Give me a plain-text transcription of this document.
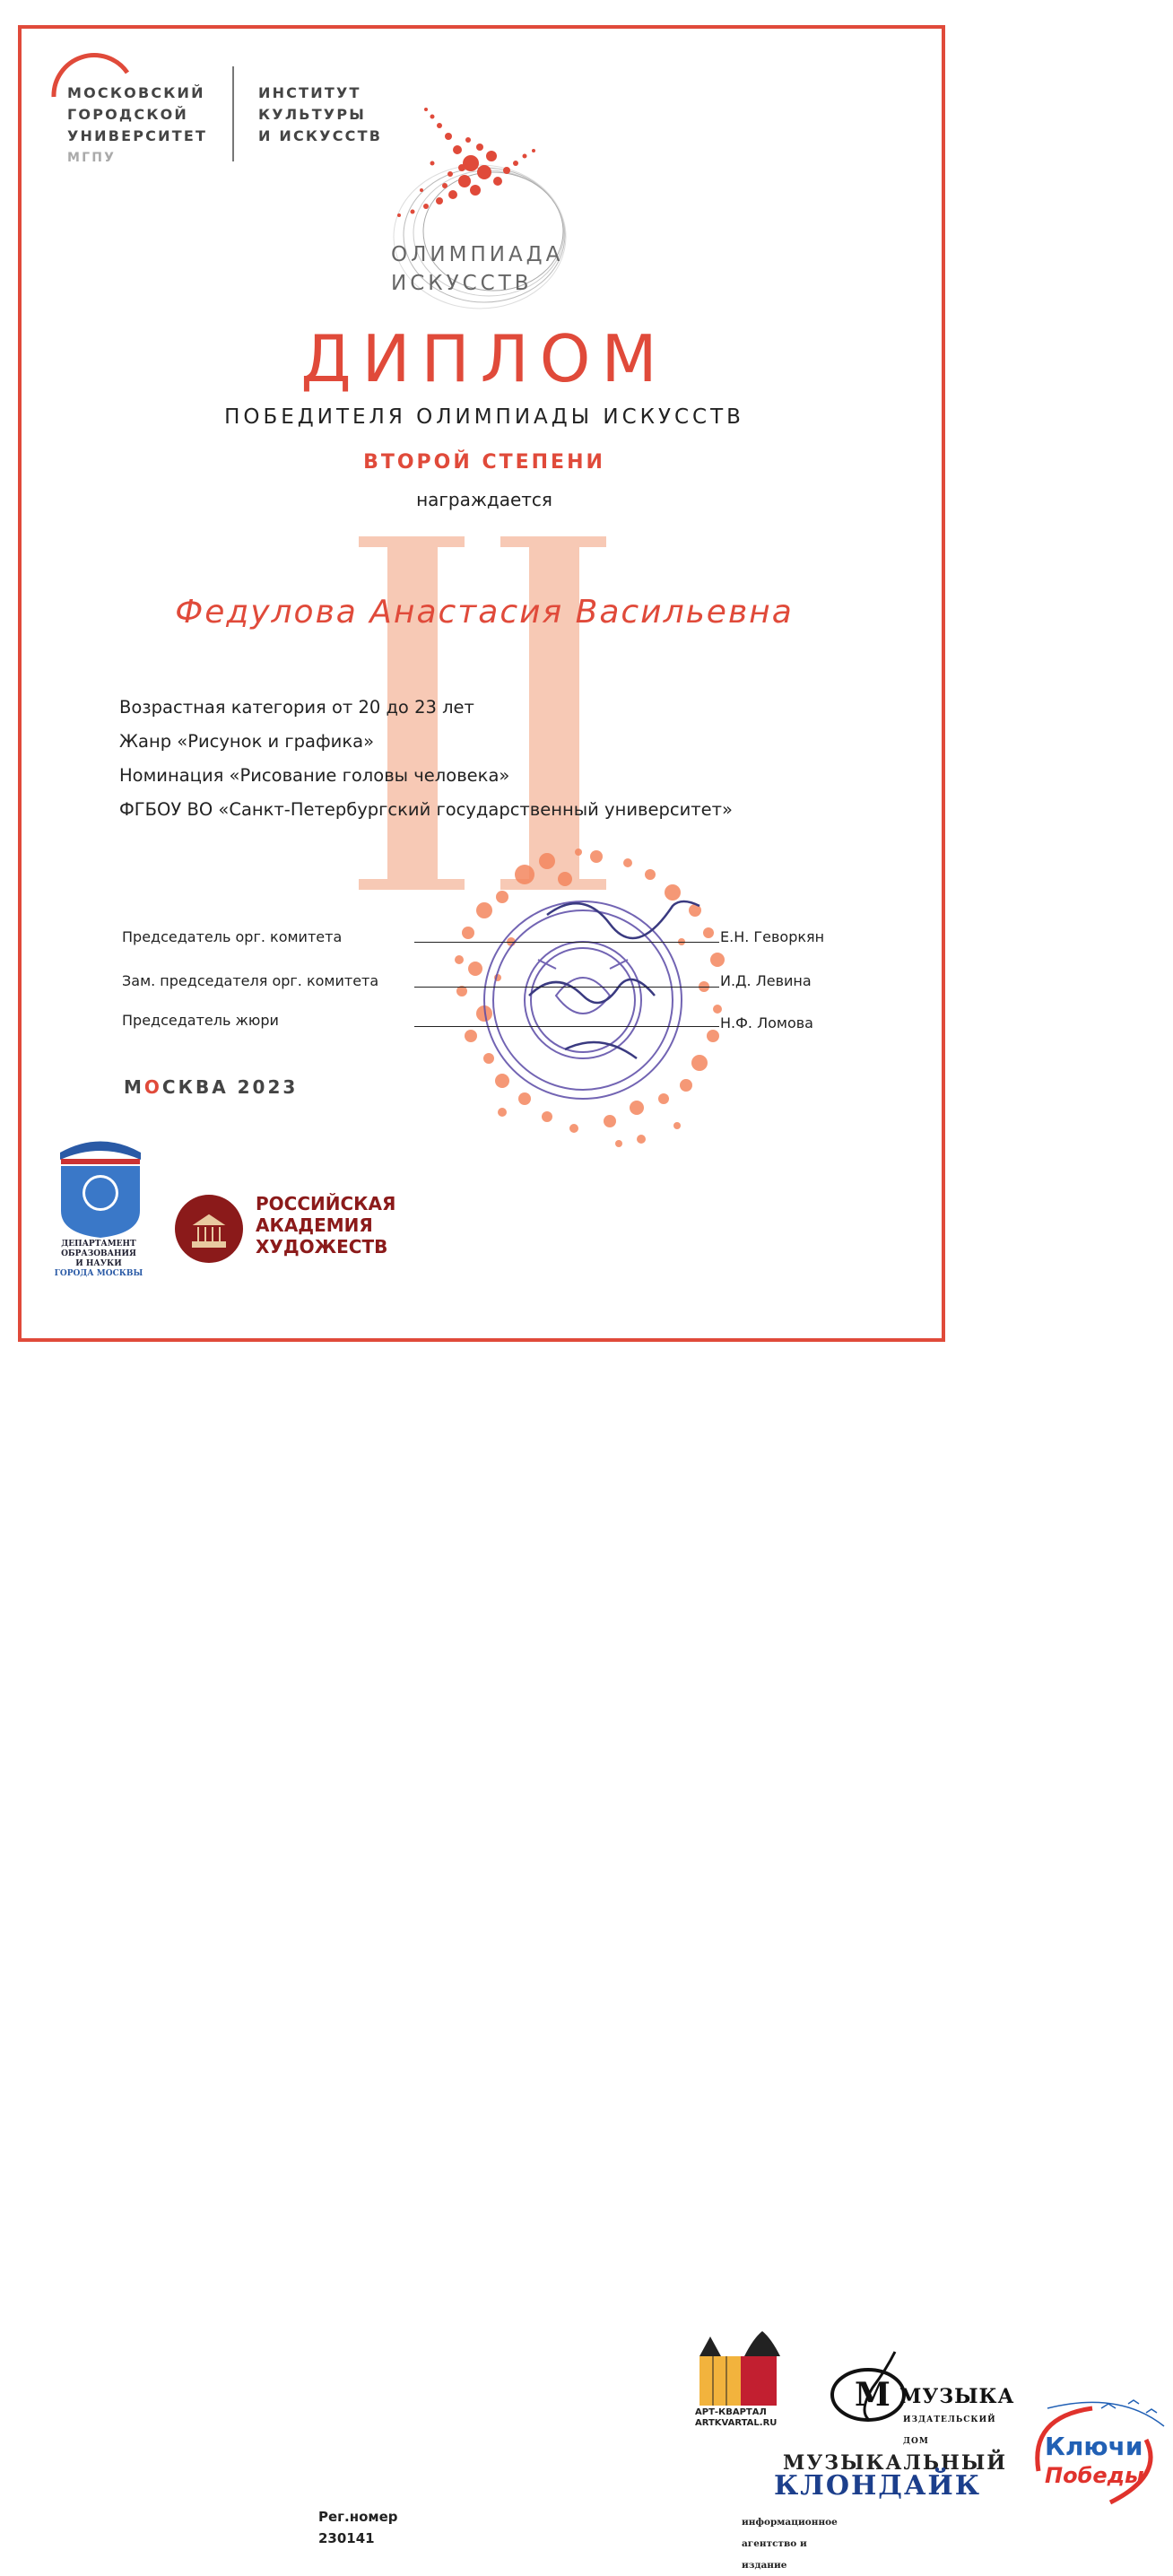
МОСКОВСКИЙ
ГОРОДСКОЙ
УНИВЕРСИТЕТ
МГПУ
ИНСТИТУТ
КУЛЬТУРЫ
И ИСКУССТВ
ОЛИМПИАДА
ИСКУССТВ
ДИПЛОМ
ПОБЕДИТЕЛЯ ОЛИМПИАДЫ ИСКУССТВ
ВТОРОЙ СТЕПЕНИ
награждается
Федулова Анастасия Васильевна
Возрастная категория от 20 до 23 лет
Жанр «Рисунок и графика»
Номинация «Рисование головы человека»
ФГБОУ ВО «Санкт-Петербургский государственный университет»
Председатель орг. комитета	Е.Н. Геворкян
Зам. председателя орг. комитета	И.Д. Левина
Председатель жюри	Н.Ф. Ломова
МОСКВА 2023
ДЕПАРТАМЕНТ
ОБРАЗОВАНИЯ
И НАУКИ
ГОРОДА МОСКВЫ
РОССИЙСКАЯ
АКАДЕМИЯ
ХУДОЖЕСТВ
АРТ-КВАРТАЛ
ARTKVARTAL.RU
M МУЗЫКА
ИЗДАТЕЛЬСКИЙ ДОМ
МУЗЫКАЛЬНЫЙ
КЛОНДАЙК
информационное агентство и издание
Ключи
Победы
Рег.номер 230141
